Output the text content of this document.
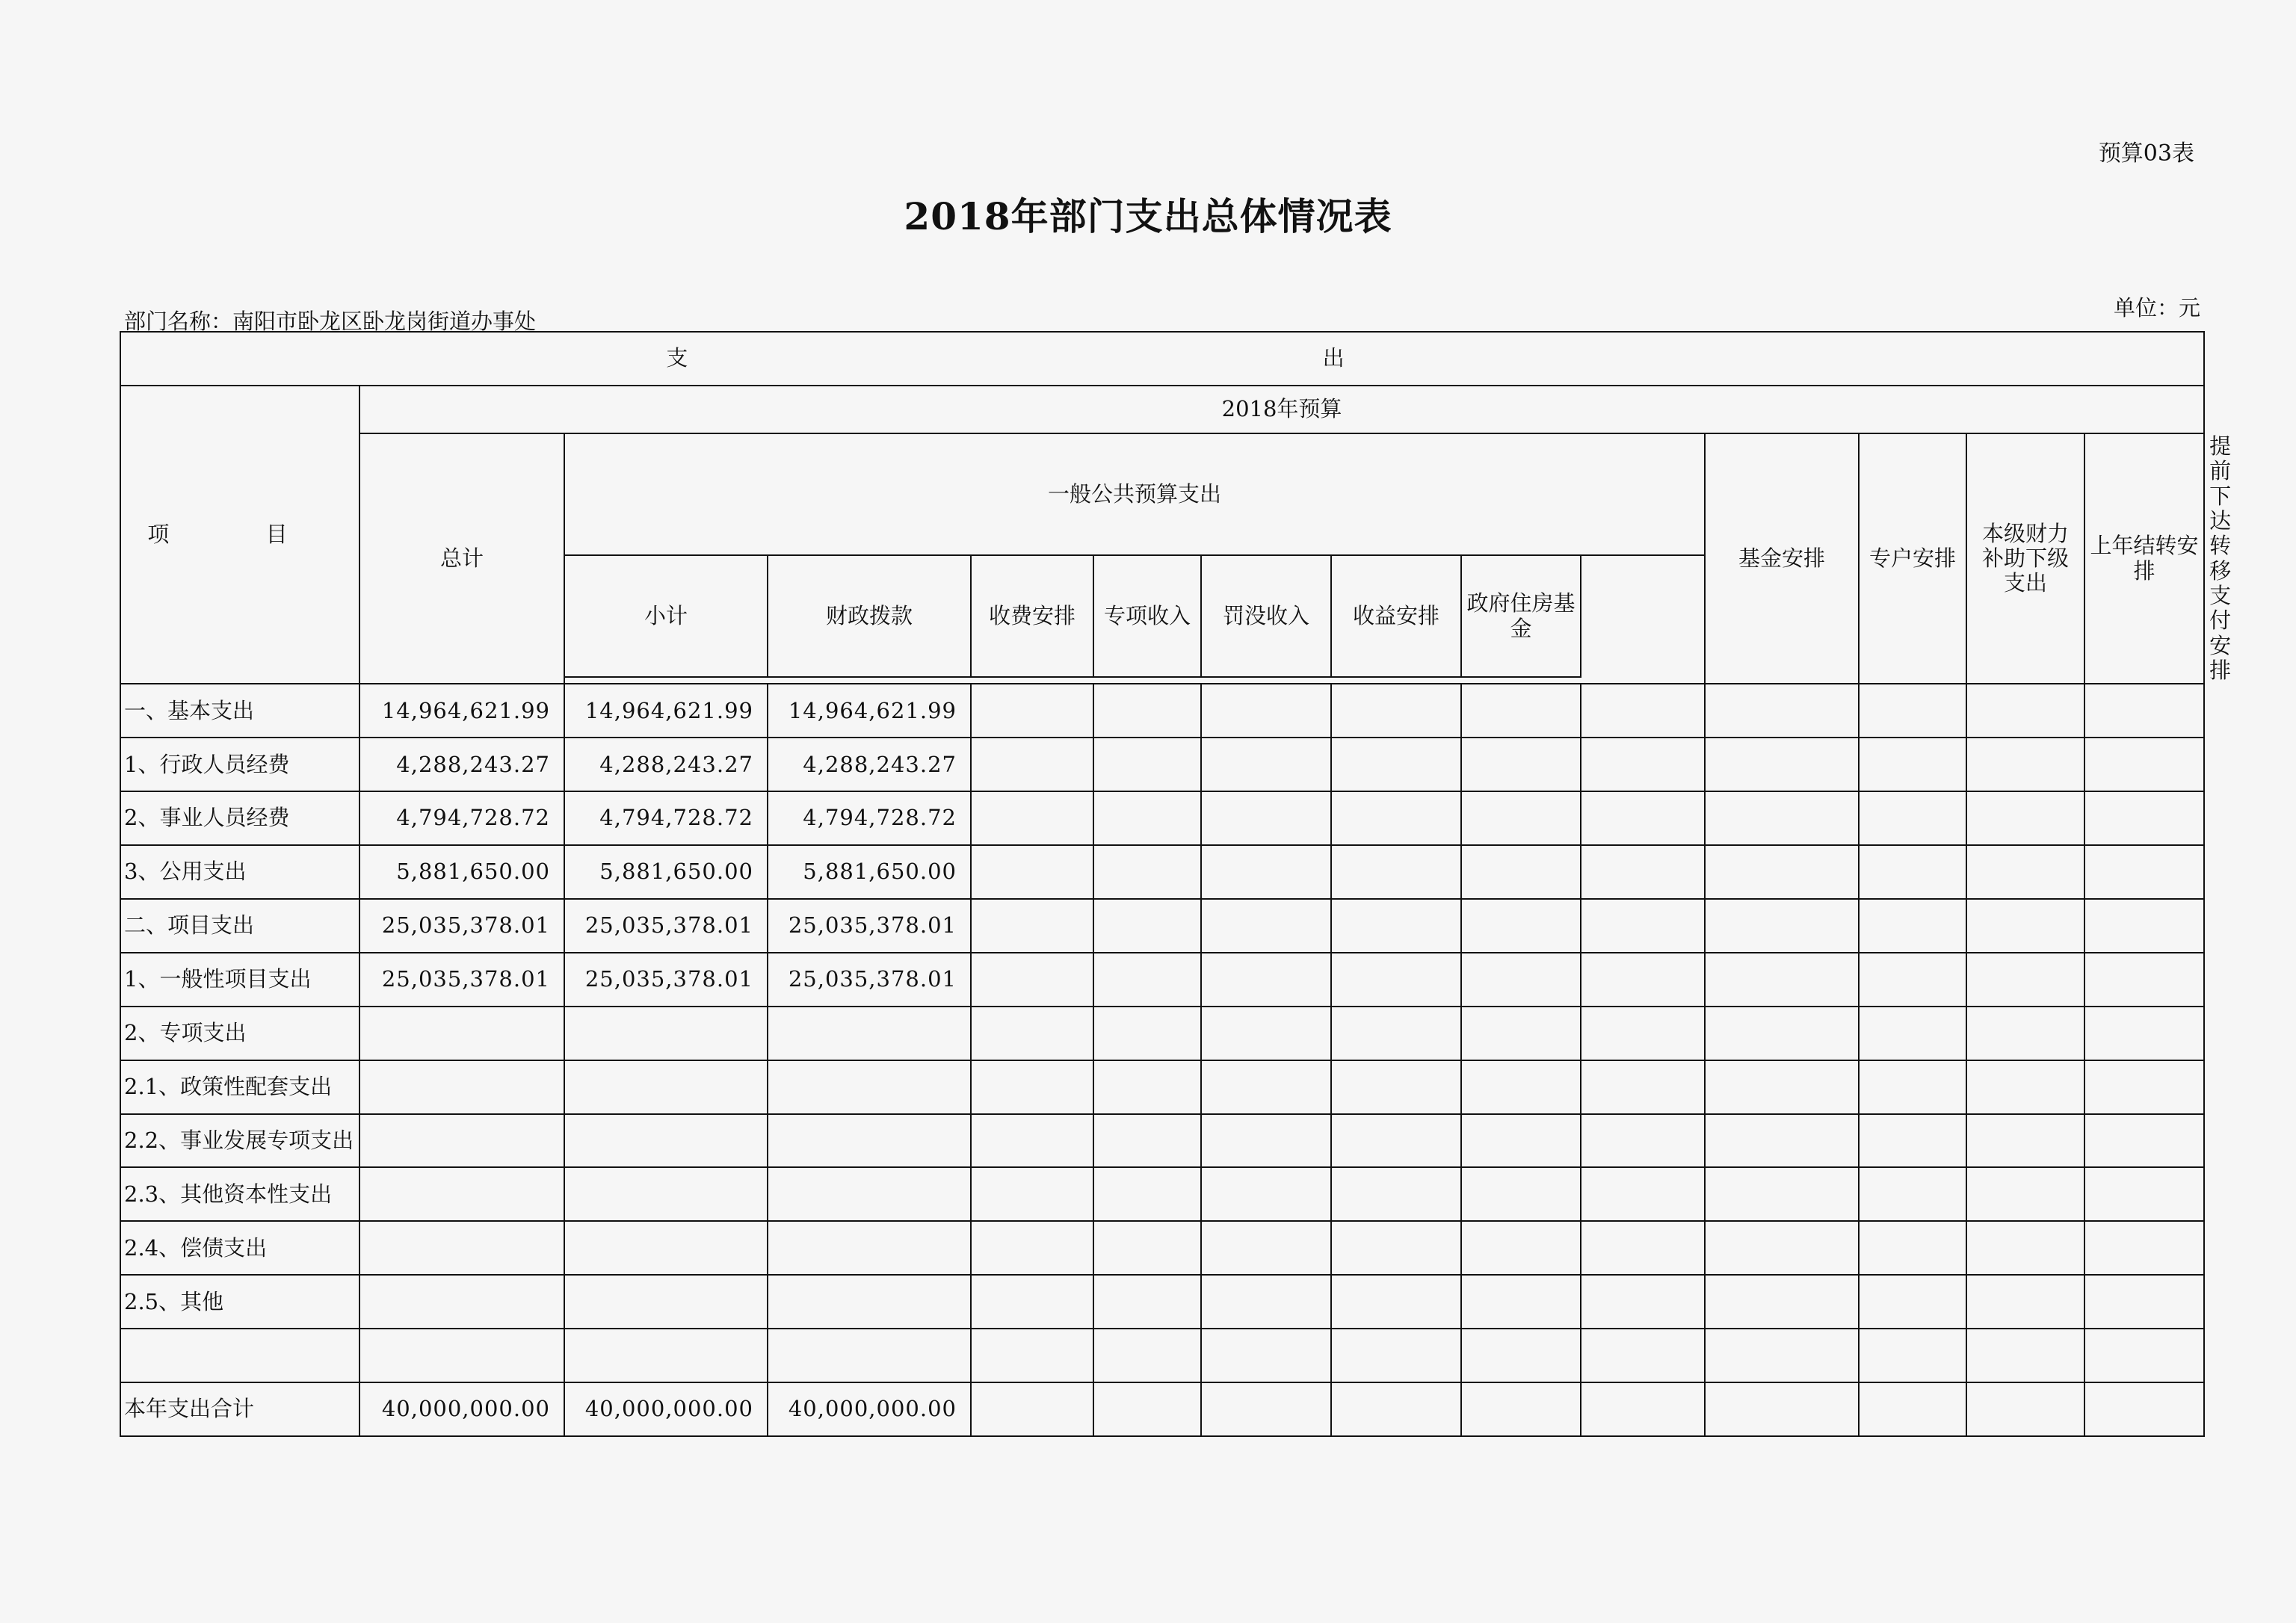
预算03表
2018年部门支出总体情况表
部门名称：南阳市卧龙区卧龙岗街道办事处
单位：元
支 出														
项 目	2018年预算													
	总计	一般公共预算支出								基金安排	专户安排	本级财力补助下级支出	上年结转安排	提前下达转移支付安排
		小计	财政拨款	收费安排	专项收入	罚没收入	收益安排	政府住房基金						

一、基本支出	14,964,621.99	14,964,621.99	14,964,621.99											
1、行政人员经费	4,288,243.27	4,288,243.27	4,288,243.27											
2、事业人员经费	4,794,728.72	4,794,728.72	4,794,728.72											
3、公用支出	5,881,650.00	5,881,650.00	5,881,650.00											
二、项目支出	25,035,378.01	25,035,378.01	25,035,378.01											
1、一般性项目支出	25,035,378.01	25,035,378.01	25,035,378.01											
2、专项支出														
2.1、政策性配套支出														
2.2、事业发展专项支出														
2.3、其他资本性支出														
2.4、偿债支出														
2.5、其他														

本年支出合计	40,000,000.00	40,000,000.00	40,000,000.00											
